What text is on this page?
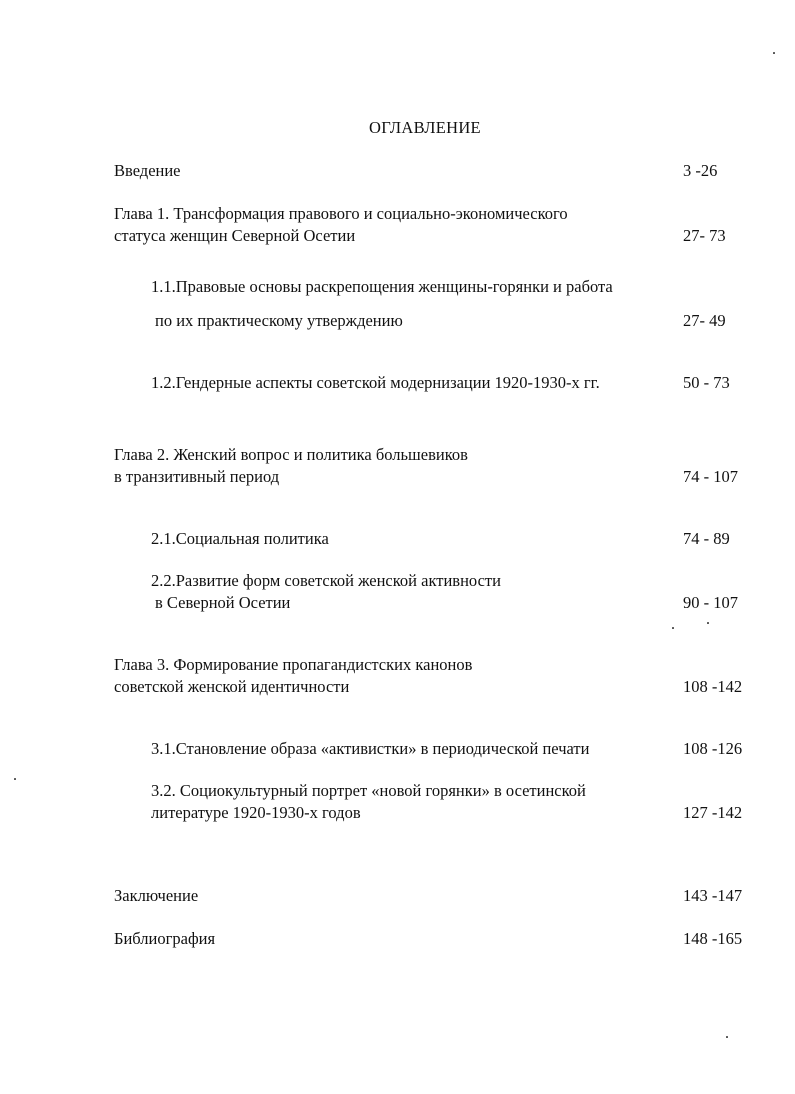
ОГЛАВЛЕНИЕ
Введение	3 -26
Глава 1. Трансформация правового и социально-экономического
статуса женщин Северной Осетии	27- 73
1.1.Правовые основы раскрепощения женщины-горянки и работа
по их практическому утверждению	27- 49
1.2.Гендерные аспекты советской модернизации 1920-1930-х гг.	50 - 73
Глава 2. Женский вопрос и политика большевиков
в транзитивный период	74 - 107
2.1.Социальная политика	74 - 89
2.2.Развитие форм советской женской активности
в Северной Осетии	90 - 107
Глава 3. Формирование пропагандистских канонов
советской женской идентичности	108 -142
3.1.Становление образа «активистки» в периодической печати	108 -126
3.2. Социокультурный портрет «новой горянки» в осетинской
литературе 1920-1930-х годов	127 -142
Заключение	143 -147
Библиография	148 -165
